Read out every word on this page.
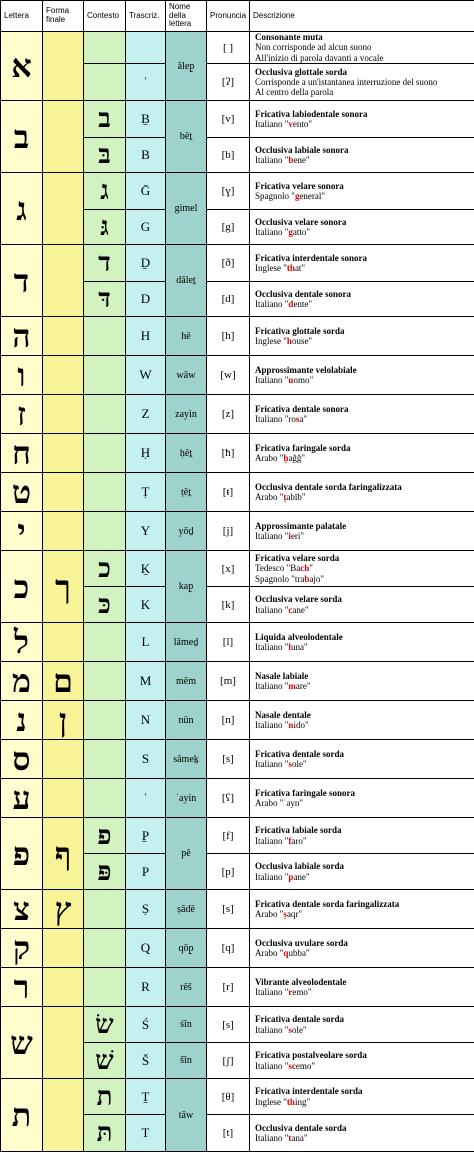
Lettera	Forma finale	Contesto	Trascriz.	Nome della lettera	Pronuncia	Descrizione
א				ālep̱	[ ]	Consonante muta
Non corrisponde ad alcun suono
All'inizio di parola davanti a vocale

			ʾ		[ʔ]	Occlusiva glottale sorda
Corrisponde a un'istantanea interruzione del suono
Al centro della parola

ב		ב	Ḇ	bēṯ	[v]	Fricativa labiodentale sonora
Italiano "vento"

		בּ	B		[b]	Occlusiva labiale sonora
Italiano "bene"

ג		ג	Ḡ	gimel	[ɣ]	Fricativa velare sonora
Spagnolo "general"

		גּ	G		[g]	Occlusiva velare sonora
Italiano "gatto"

ד		ד	Ḏ	dāleṯ	[ð]	Fricativa interdentale sonora
Inglese "that"

		דּ	D		[d]	Occlusiva dentale sonora
Italiano "dente"

ה			H	hē	[h]	Fricativa glottale sorda
Inglese "house"

ו			W	wāw	[w]	Approssimante velolabiale
Italiano "uomo"

ז			Z	zayin	[z]	Fricativa dentale sonora
Italiano "rosa"

ח			Ḥ	ḥēṯ	[ħ]	Fricativa faringale sorda
Arabo "ḥaǧǧ"

ט			Ṭ	ṭēṯ	[ŧ]	Occlusiva dentale sorda faringalizzata
Arabo "ṭabīb"

י			Y	yōḏ	[j]	Approssimante palatale
Italiano "ieri"

כ	ך	כ	Ḵ	kap̱	[x]	Fricativa velare sorda
Tedesco "Bach"
Spagnolo "trabajo"

		כּ	K		[k]	Occlusiva velare sorda
Italiano "cane"

ל			L	lāmeḏ	[l]	Liquida alveolodentale
Italiano "luna"

מ	ם		M	mēm	[m]	Nasale labiale
Italiano "mare"

נ	ן		N	nūn	[n]	Nasale dentale
Italiano "nido"

ס			S	sāmeḵ	[s]	Fricativa dentale sorda
Italiano "sole"

ע			ʿ	ʿayin	[ʕ]	Fricativa faringale sonora
Arabo "ʿayn"

פ	ף	פ	P̱	pē	[f]	Fricativa labiale sorda
Italiano "faro"

		פּ	P		[p]	Occlusiva labiale sorda
Italiano "pane"

צ	ץ		Ṣ	ṣādē	[s]	Fricativa dentale sorda faringalizzata
Arabo "ṣaqr"

ק			Q	qōp̱	[q]	Occlusiva uvulare sorda
Arabo "qubba"

ר			R	rēš	[r]	Vibrante alveolodentale
Italiano "remo"

ש		שׂ	Ś	śīn	[s]	Fricativa dentale sorda
Italiano "sole"

		שׁ	Š	šīn	[ʃ]	Fricativa postalveolare sorda
Italiano "scemo"

ת		ת	Ṯ	tāw	[θ]	Fricativa interdentale sorda
Inglese "thing"

		תּ	T		[t]	Occlusiva dentale sorda
Italiano "tana"
